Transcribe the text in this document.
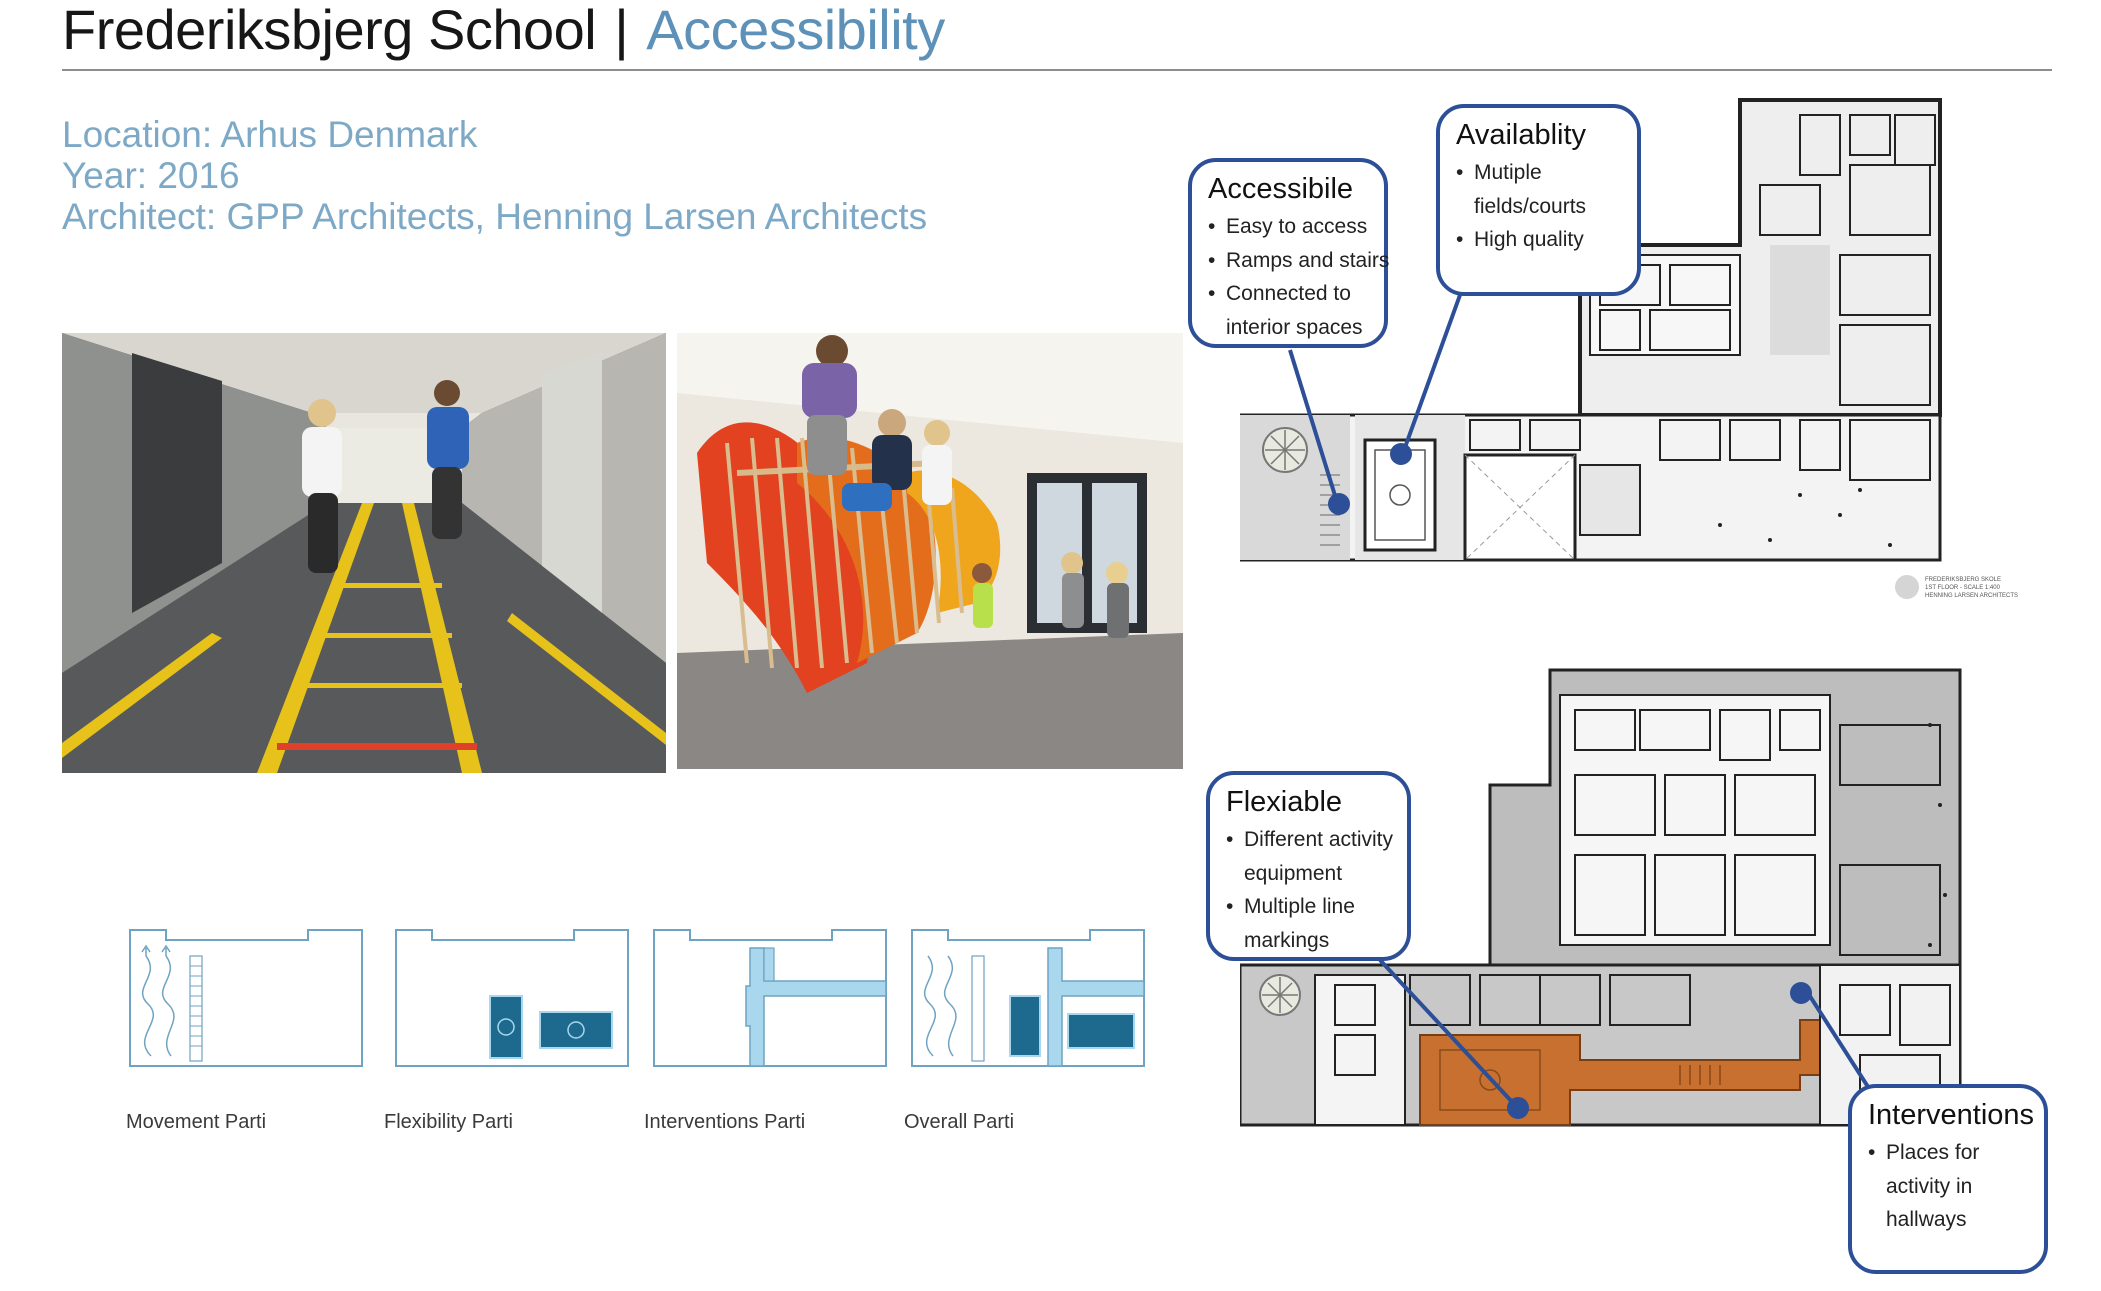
Frederiksbjerg School | Accessibility
Location: Arhus Denmark
Year: 2016
Architect: GPP Architects, Henning Larsen Architects
Movement Parti	Flexibility Parti	Interventions Parti	Overall Parti
FREDERIKSBJERG SKOLE
1ST FLOOR - SCALE 1:400
HENNING LARSEN ARCHITECTS
Accessibile
• Easy to access
• Ramps and stairs
• Connected to
interior spaces
Availablity
• Mutiple
fields/courts
• High quality
Flexiable
• Different activity
equipment
• Multiple line
markings
Interventions
• Places for
activity in
hallways
